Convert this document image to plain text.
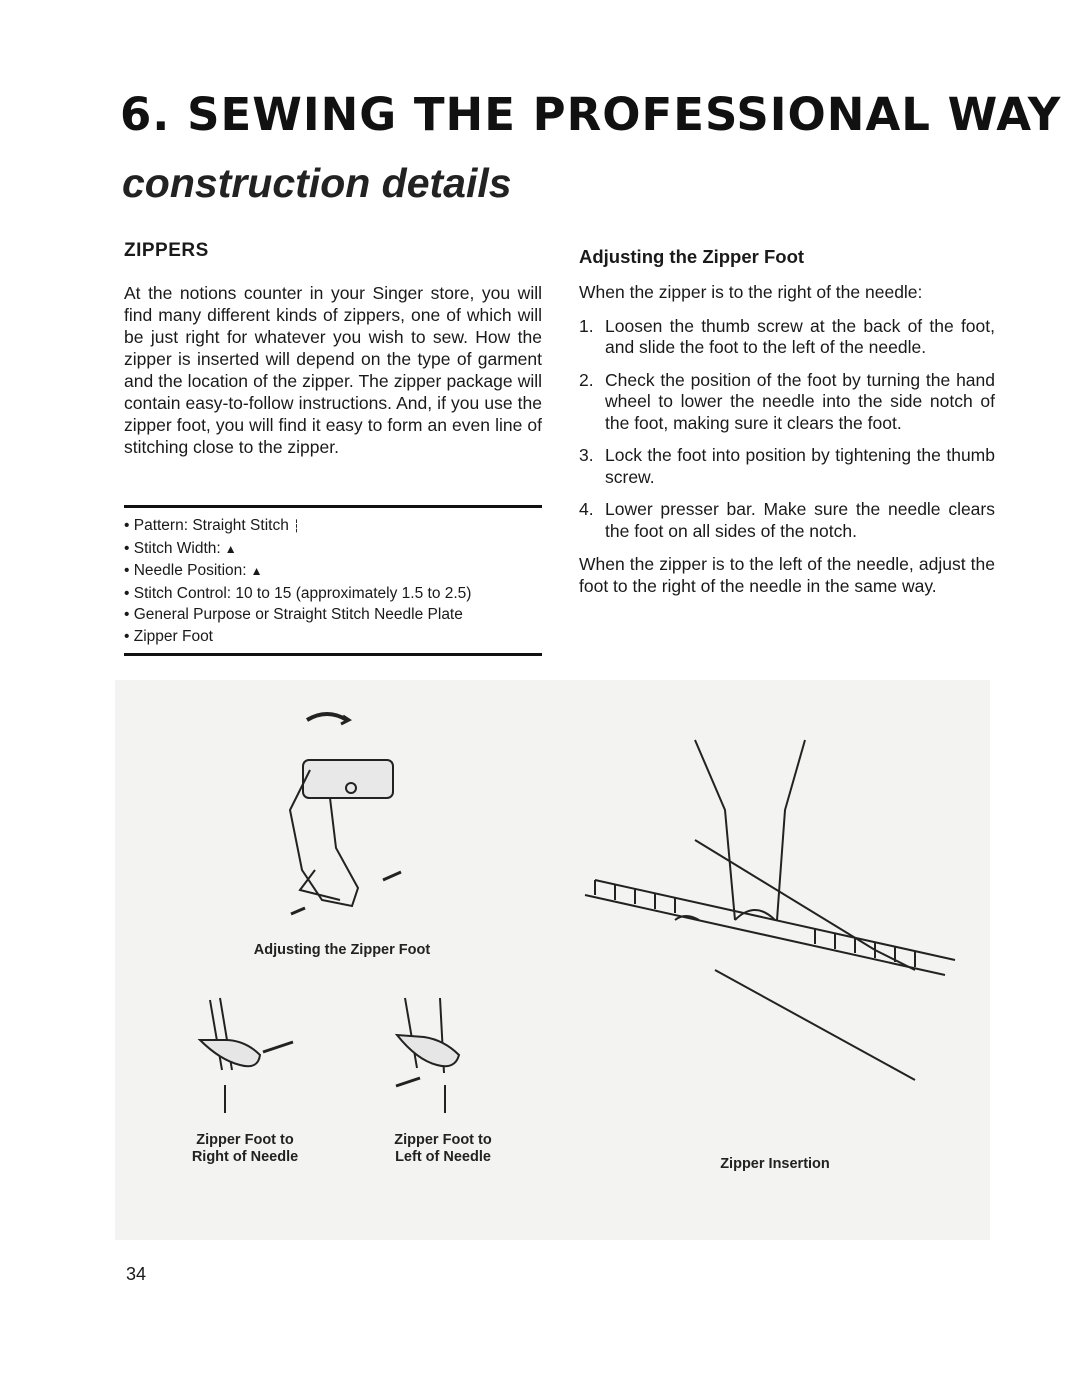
6. SEWING THE PROFESSIONAL WAY
construction details
ZIPPERS

At the notions counter in your Singer store, you will find many different kinds of zippers, one of which will be just right for whatever you wish to sew. How the zipper is inserted will depend on the type of garment and the location of the zipper. The zipper package will contain easy-to-follow instructions. And, if you use the zipper foot, you will find it easy to form an even line of stitching close to the zipper.

• Pattern: Straight Stitch ┆
• Stitch Width: ▲
• Needle Position: ▲
• Stitch Control: 10 to 15 (approximately 1.5 to 2.5)
• General Purpose or Straight Stitch Needle Plate
• Zipper Foot
Adjusting the Zipper Foot

When the zipper is to the right of the needle:

1. Loosen the thumb screw at the back of the foot, and slide the foot to the left of the needle.
2. Check the position of the foot by turning the hand wheel to lower the needle into the side notch of the foot, making sure it clears the foot.
3. Lock the foot into position by tightening the thumb screw.
4. Lower presser bar. Make sure the needle clears the foot on all sides of the notch.

When the zipper is to the left of the needle, adjust the foot to the right of the needle in the same way.

Adjusting the Zipper Foot
Zipper Foot to
Right of Needle
Zipper Foot to
Left of Needle	Zipper Insertion

34
